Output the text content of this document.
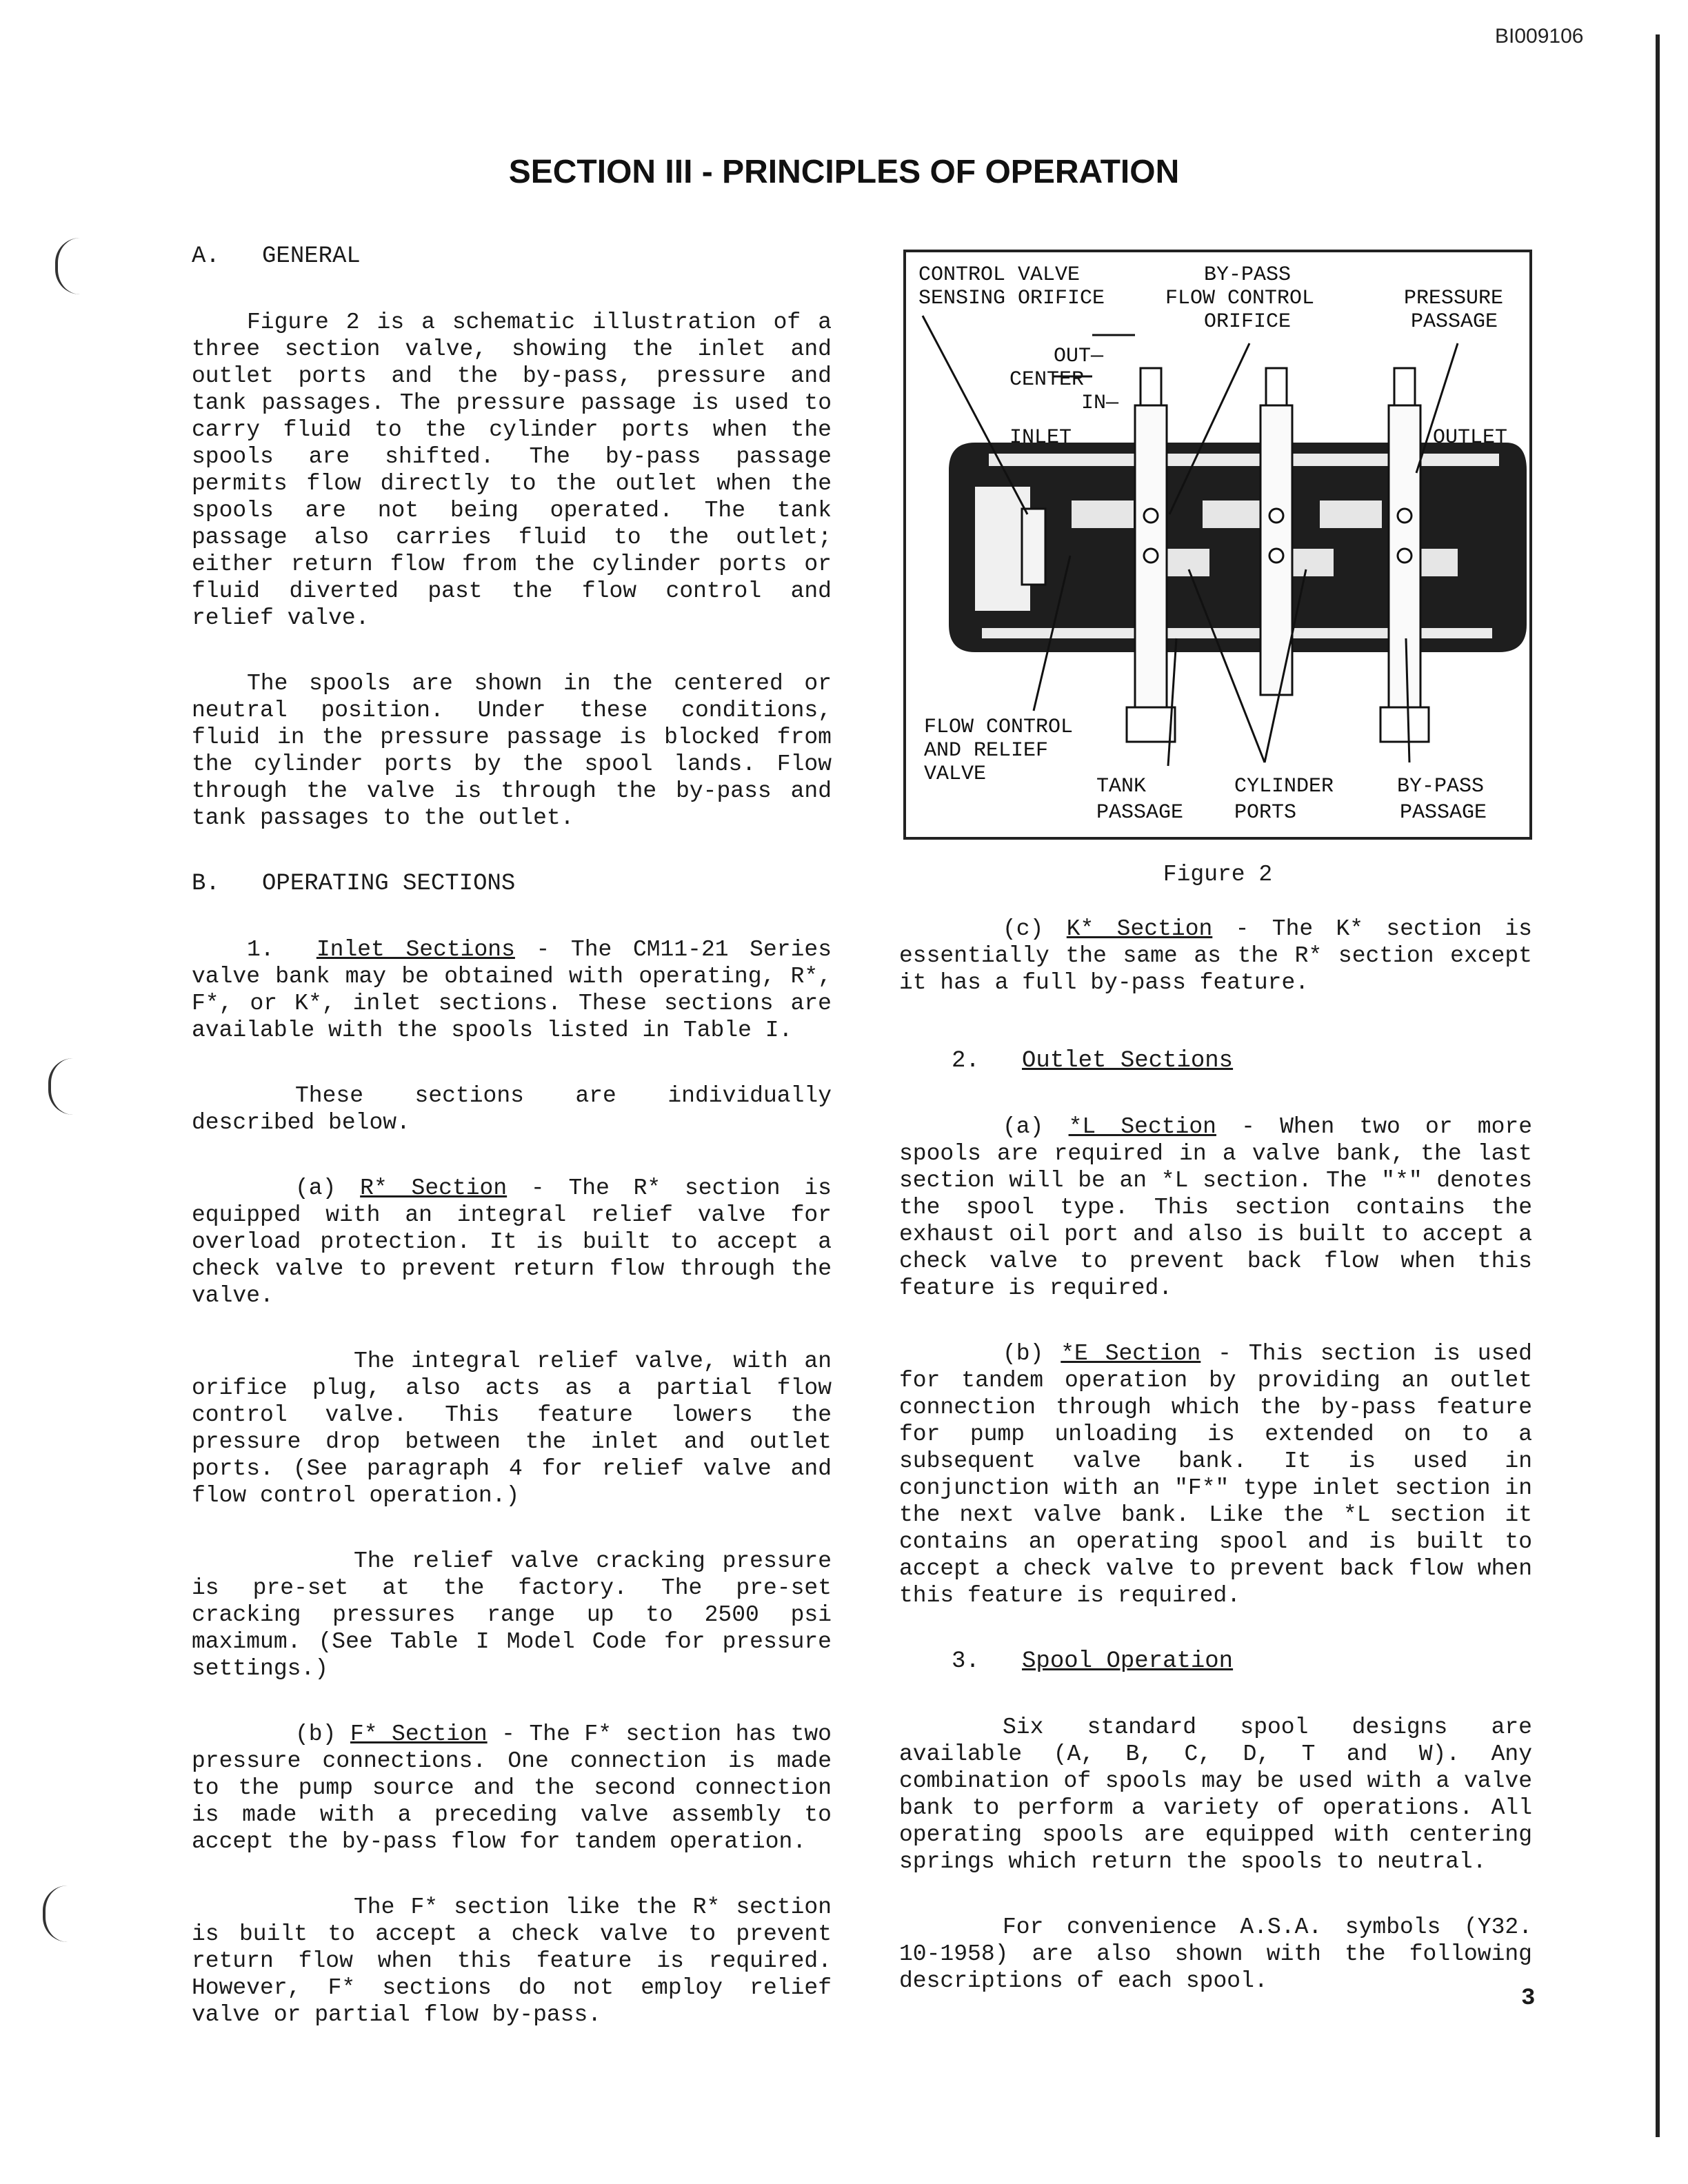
BI009106
SECTION III - PRINCIPLES OF OPERATION

A.   GENERAL

Figure 2 is a schematic illustration of a three section valve, showing the inlet and outlet ports and the by-pass, pressure and tank passages. The pressure passage is used to carry fluid to the cylinder ports when the spools are shifted. The by-pass passage permits flow directly to the outlet when the spools are not being operated. The tank passage also carries fluid to the outlet; either return flow from the cylinder ports or fluid diverted past the flow control and relief valve.

The spools are shown in the centered or neutral position. Under these conditions, fluid in the pressure passage is blocked from the cylinder ports by the spool lands. Flow through the valve is through the by-pass and tank passages to the outlet.

B.   OPERATING SECTIONS

1. Inlet Sections - The CM11-21 Series valve bank may be obtained with operating, R*, F*, or K*, inlet sections. These sections are available with the spools listed in Table I.

These sections are individually described below.

(a) R* Section - The R* section is equipped with an integral relief valve for overload protection. It is built to accept a check valve to prevent return flow through the valve.

The integral relief valve, with an orifice plug, also acts as a partial flow control valve. This feature lowers the pressure drop between the inlet and outlet ports. (See paragraph 4 for relief valve and flow control operation.)

The relief valve cracking pressure is pre-set at the factory. The pre-set cracking pressures range up to 2500 psi maximum. (See Table I Model Code for pressure settings.)

(b) F* Section - The F* section has two pressure connections. One connection is made to the pump source and the second connection is made with a preceding valve assembly to accept the by-pass flow for tandem operation.

The F* section like the R* section is built to accept a check valve to prevent return flow when this feature is required. However, F* sections do not employ relief valve or partial flow by-pass.

CONTROL VALVE
SENSING ORIFICE
BY-PASS
FLOW CONTROL
ORIFICE
PRESSURE
PASSAGE
OUT—
CENTER
IN—
INLET	OUTLET
FLOW CONTROL
AND RELIEF
VALVE
TANK
PASSAGE
CYLINDER
PORTS
BY-PASS
PASSAGE

Figure 2

(c) K* Section - The K* section is essentially the same as the R* section except it has a full by-pass feature.

2. Outlet Sections

(a) *L Section - When two or more spools are required in a valve bank, the last section will be an *L section. The "*" denotes the spool type. This section contains the exhaust oil port and also is built to accept a check valve to prevent back flow when this feature is required.

(b) *E Section - This section is used for tandem operation by providing an outlet connection through which the by-pass feature for pump unloading is extended on to a subsequent valve bank. It is used in conjunction with an "F*" type inlet section in the next valve bank. Like the *L section it contains an operating spool and is built to accept a check valve to prevent back flow when this feature is required.

3. Spool Operation

Six standard spool designs are available (A, B, C, D, T and W). Any combination of spools may be used with a valve bank to perform a variety of operations. All operating spools are equipped with centering springs which return the spools to neutral.

For convenience A.S.A. symbols (Y32. 10-1958) are also shown with the following descriptions of each spool.

3
